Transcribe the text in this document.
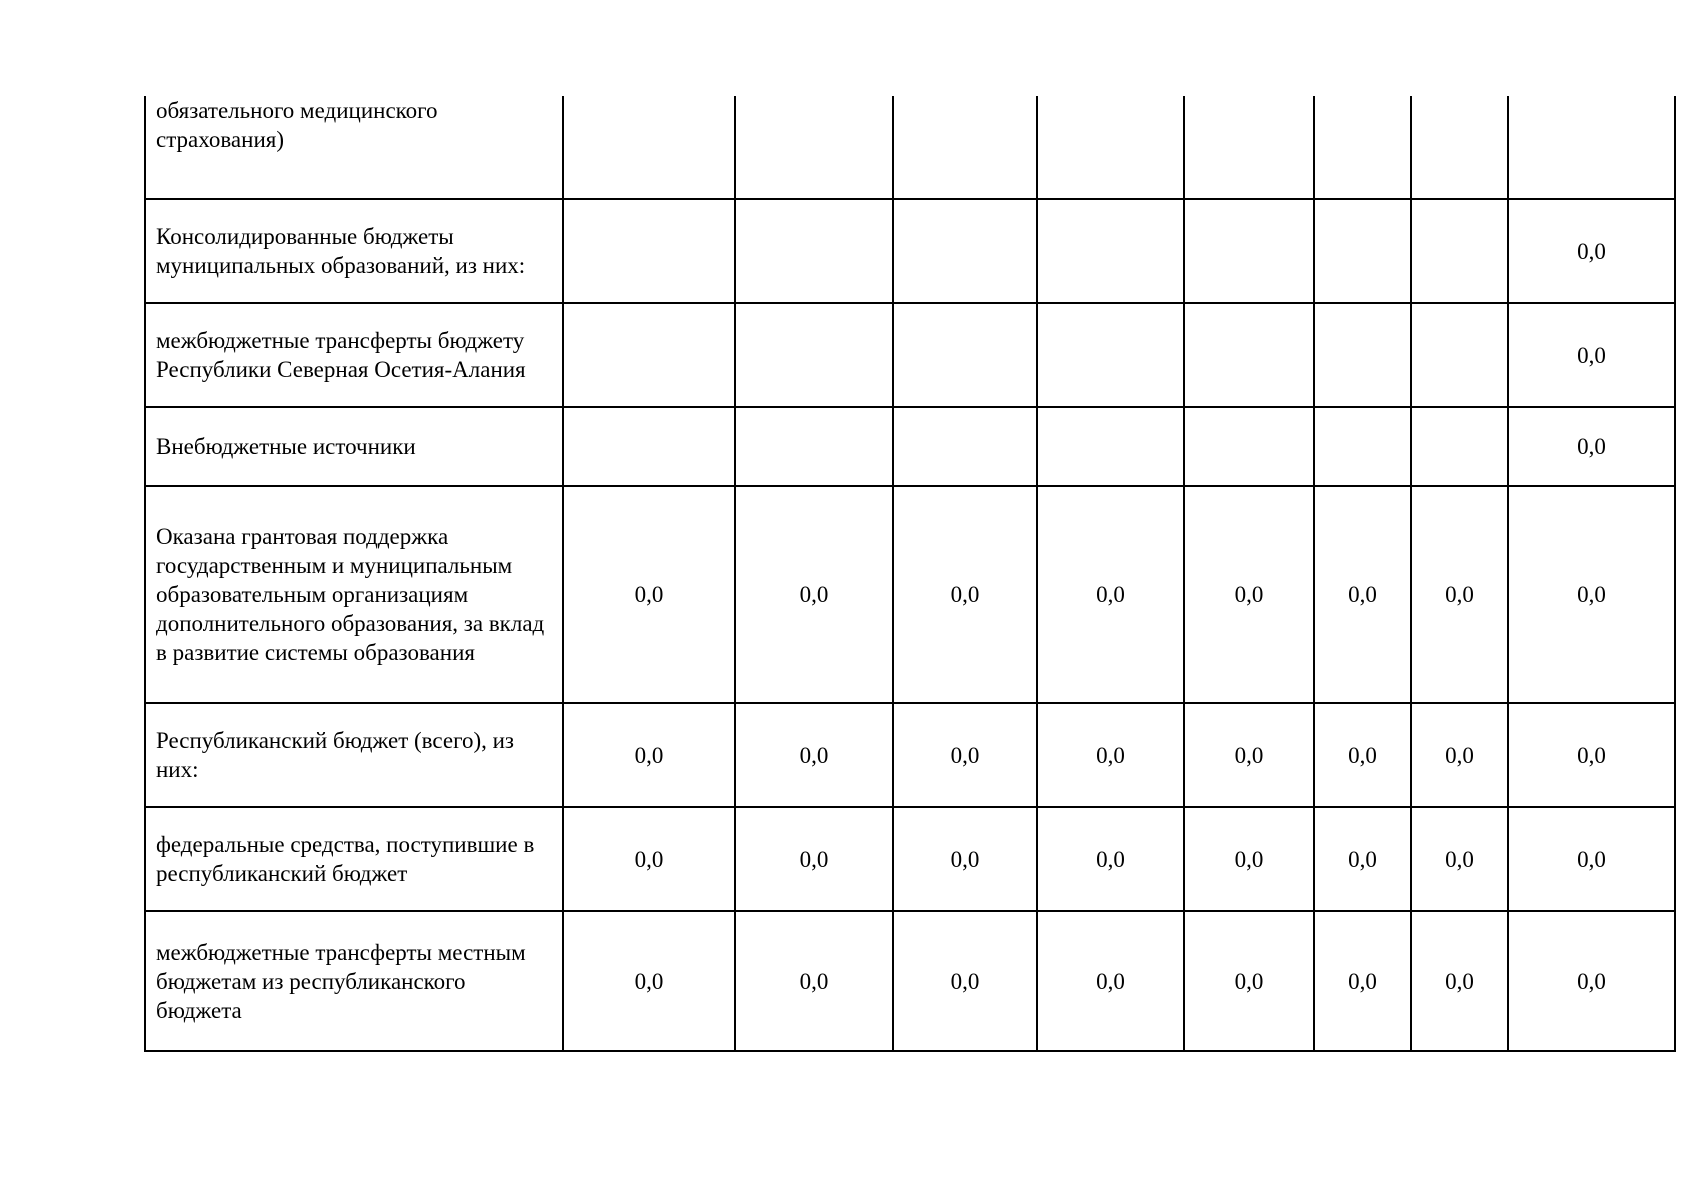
обязательного медицинского страхования)								
Консолидированные бюджеты муниципальных образований, из них:								0,0
межбюджетные трансферты бюджету Республики Северная Осетия-Алания								0,0
Внебюджетные источники								0,0
Оказана грантовая поддержка государственным и муниципальным образовательным организациям дополнительного образования, за вклад в развитие системы образования	0,0	0,0	0,0	0,0	0,0	0,0	0,0	0,0
Республиканский бюджет (всего), из них:	0,0	0,0	0,0	0,0	0,0	0,0	0,0	0,0
федеральные средства, поступившие в республиканский бюджет	0,0	0,0	0,0	0,0	0,0	0,0	0,0	0,0
межбюджетные трансферты местным бюджетам из республиканского бюджета	0,0	0,0	0,0	0,0	0,0	0,0	0,0	0,0
